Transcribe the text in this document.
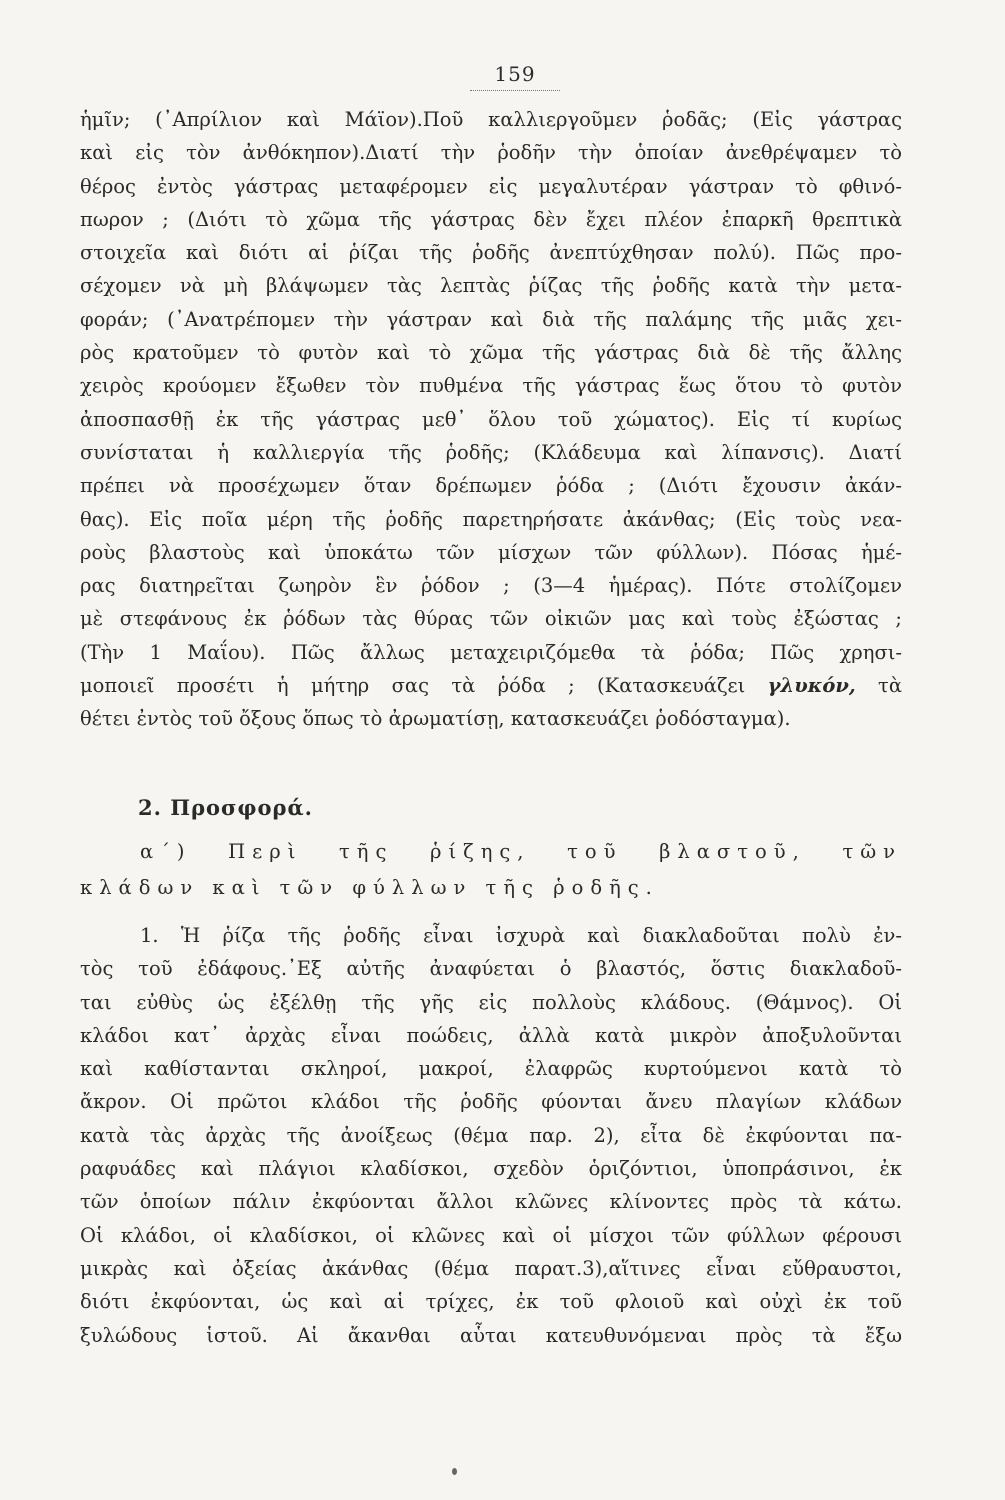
159
ἡμῖν; (᾿Απρίλιον καὶ Μάϊον).Ποῦ καλλιεργοῦμεν ῥοδᾶς; (Εἰς γάστρας
καὶ εἰς τὸν ἀνθόκηπον).Διατί τὴν ῥοδῆν τὴν ὁποίαν ἀνεθρέψαμεν τὸ
θέρος ἐντὸς γάστρας μεταφέρομεν εἰς μεγαλυτέραν γάστραν τὸ φθινό-
πωρον ; (Διότι τὸ χῶμα τῆς γάστρας δὲν ἔχει πλέον ἐπαρκῆ θρεπτικὰ
στοιχεῖα καὶ διότι αἱ ῥίζαι τῆς ῥοδῆς ἀνεπτύχθησαν πολύ). Πῶς προ-
σέχομεν νὰ μὴ βλάψωμεν τὰς λεπτὰς ῥίζας τῆς ῥοδῆς κατὰ τὴν μετα-
φοράν; (᾿Ανατρέπομεν τὴν γάστραν καὶ διὰ τῆς παλάμης τῆς μιᾶς χει-
ρὸς κρατοῦμεν τὸ φυτὸν καὶ τὸ χῶμα τῆς γάστρας διὰ δὲ τῆς ἄλλης
χειρὸς κρούομεν ἔξωθεν τὸν πυθμένα τῆς γάστρας ἕως ὅτου τὸ φυτὸν
ἀποσπασθῇ ἐκ τῆς γάστρας μεθ᾿ ὅλου τοῦ χώματος). Εἰς τί κυρίως
συνίσταται ἡ καλλιεργία τῆς ῥοδῆς; (Κλάδευμα καὶ λίπανσις). Διατί
πρέπει νὰ προσέχωμεν ὅταν δρέπωμεν ῥόδα ; (Διότι ἔχουσιν ἀκάν-
θας). Εἰς ποῖα μέρη τῆς ῥοδῆς παρετηρήσατε ἀκάνθας; (Εἰς τοὺς νεα-
ροὺς βλαστοὺς καὶ ὑποκάτω τῶν μίσχων τῶν φύλλων). Πόσας ἡμέ-
ρας διατηρεῖται ζωηρὸν ἓν ῥόδον ; (3—4 ἡμέρας). Πότε στολίζομεν
μὲ στεφάνους ἐκ ῥόδων τὰς θύρας τῶν οἰκιῶν μας καὶ τοὺς ἐξώστας ;
(Τὴν 1 Μαΐου). Πῶς ἄλλως μεταχειριζόμεθα τὰ ῥόδα; Πῶς χρησι-
μοποιεῖ προσέτι ἡ μήτηρ σας τὰ ῥόδα ; (Κατασκευάζει γλυκόν, τὰ
θέτει ἐντὸς τοῦ ὄξους ὅπως τὸ ἀρωματίσῃ, κατασκευάζει ῥοδόσταγμα).
2. Προσφορά.
α΄) Περὶ τῆς ῥίζης, τοῦ βλαστοῦ, τῶν
κλάδων καὶ τῶν φύλλων τῆς ῥοδῆς.
1. Ἡ ῥίζα τῆς ῥοδῆς εἶναι ἰσχυρὰ καὶ διακλαδοῦται πολὺ ἐν-
τὸς τοῦ ἐδάφους.᾿Εξ αὐτῆς ἀναφύεται ὁ βλαστός, ὅστις διακλαδοῦ-
ται εὐθὺς ὡς ἐξέλθῃ τῆς γῆς εἰς πολλοὺς κλάδους. (Θάμνος). Οἱ
κλάδοι κατ᾿ ἀρχὰς εἶναι ποώδεις, ἀλλὰ κατὰ μικρὸν ἀποξυλοῦνται
καὶ καθίστανται σκληροί, μακροί, ἐλαφρῶς κυρτούμενοι κατὰ τὸ
ἄκρον. Οἱ πρῶτοι κλάδοι τῆς ῥοδῆς φύονται ἄνευ πλαγίων κλάδων
κατὰ τὰς ἀρχὰς τῆς ἀνοίξεως (θέμα παρ. 2), εἶτα δὲ ἐκφύονται πα-
ραφυάδες καὶ πλάγιοι κλαδίσκοι, σχεδὸν ὁριζόντιοι, ὑποπράσινοι, ἐκ
τῶν ὁποίων πάλιν ἐκφύονται ἄλλοι κλῶνες κλίνοντες πρὸς τὰ κάτω.
Οἱ κλάδοι, οἱ κλαδίσκοι, οἱ κλῶνες καὶ οἱ μίσχοι τῶν φύλλων φέρουσι
μικρὰς καὶ ὀξείας ἀκάνθας (θέμα παρατ.3),αἵτινες εἶναι εὔθραυστοι,
διότι ἐκφύονται, ὡς καὶ αἱ τρίχες, ἐκ τοῦ φλοιοῦ καὶ οὐχὶ ἐκ τοῦ
ξυλώδους ἱστοῦ. Αἱ ἄκανθαι αὗται κατευθυνόμεναι πρὸς τὰ ἔξω
